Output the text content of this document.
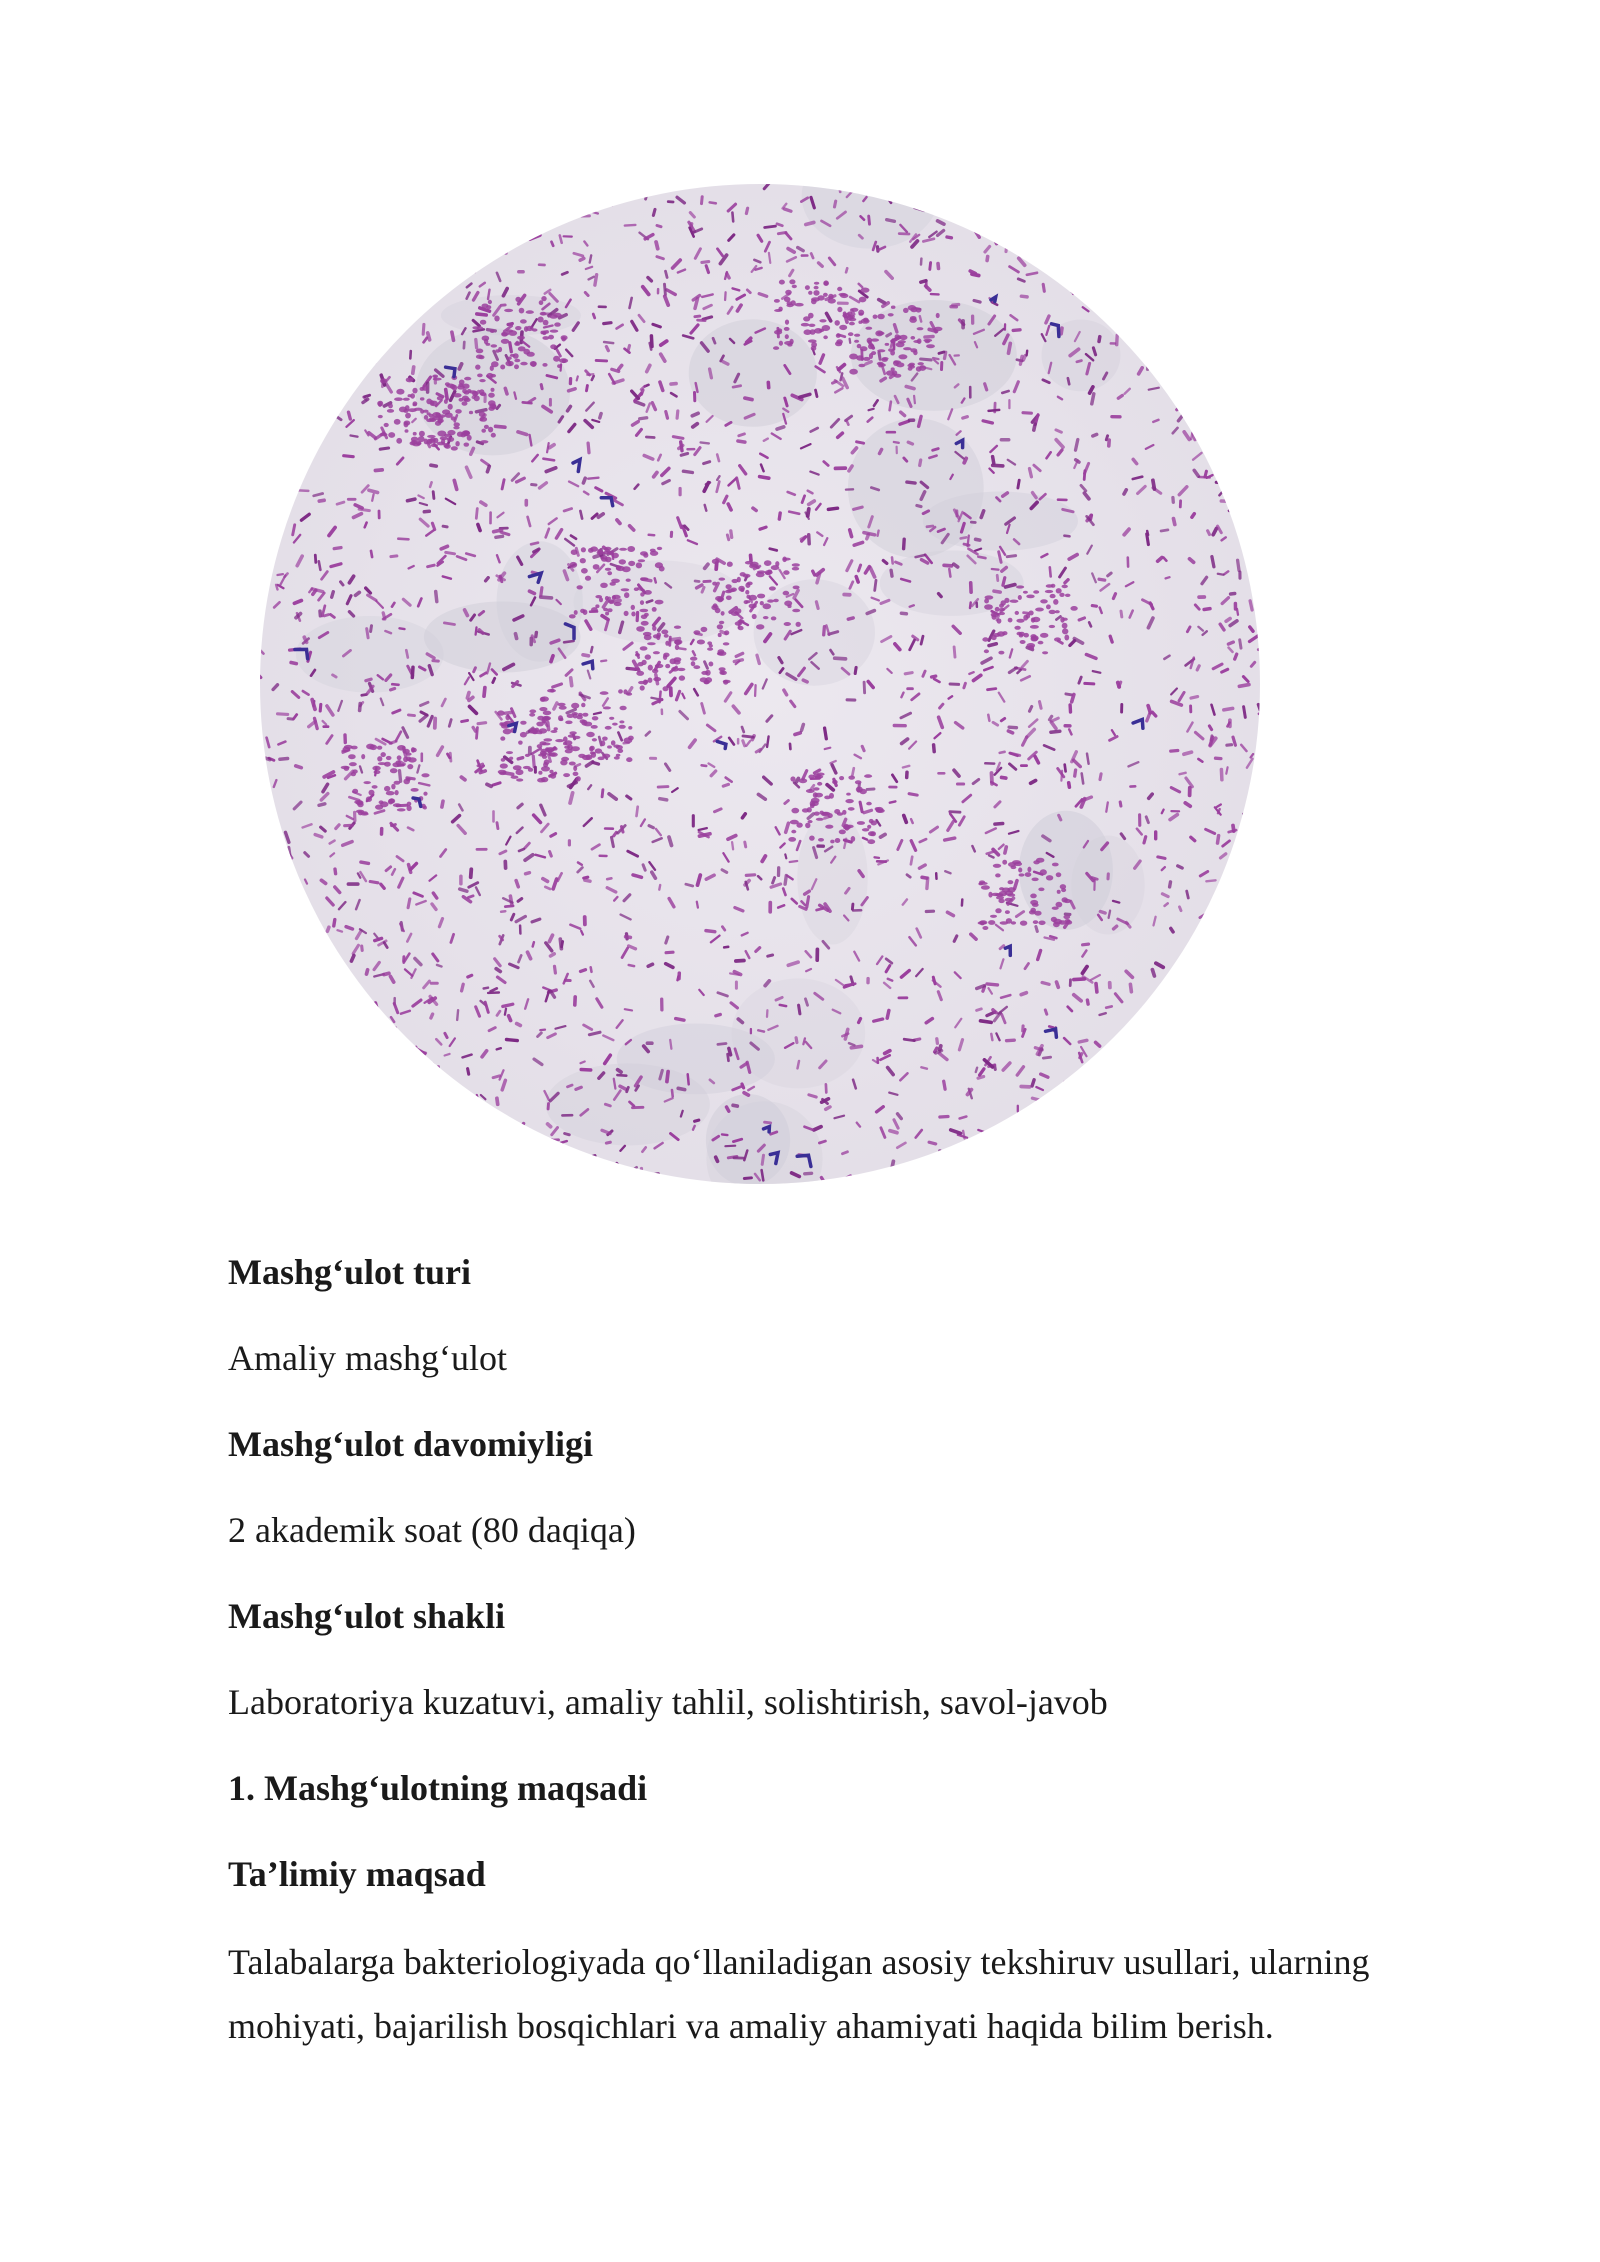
Mashg‘ulot turi
Amaliy mashg‘ulot
Mashg‘ulot davomiyligi
2 akademik soat (80 daqiqa)
Mashg‘ulot shakli
Laboratoriya kuzatuvi, amaliy tahlil, solishtirish, savol-javob
1. Mashg‘ulotning maqsadi
Ta’limiy maqsad
Talabalarga bakteriologiyada qo‘llaniladigan asosiy tekshiruv usullari, ularning mohiyati, bajarilish bosqichlari va amaliy ahamiyati haqida bilim berish.
